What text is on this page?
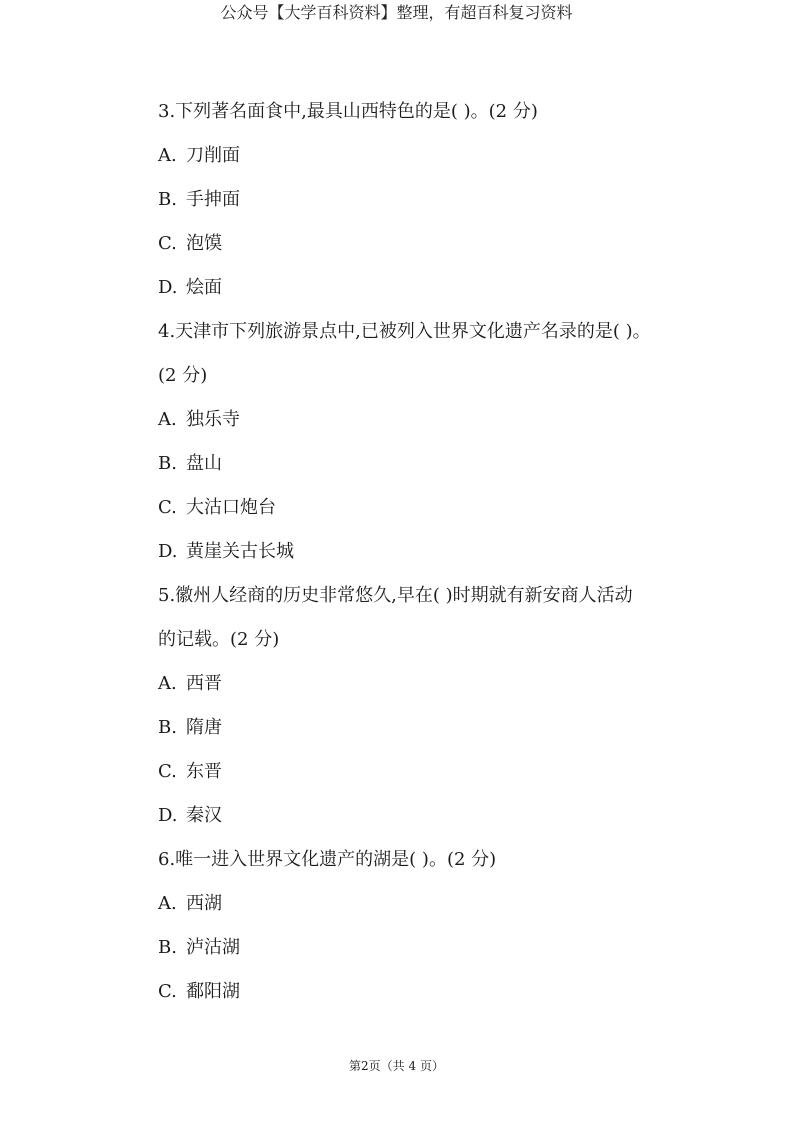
公众号【大学百科资料】整理，有超百科复习资料
3.下列著名面食中,最具山西特色的是( )。(2 分)
A. 刀削面
B. 手抻面
C. 泡馍
D. 烩面
4.天津市下列旅游景点中,已被列入世界文化遗产名录的是( )。
(2 分)
A. 独乐寺
B. 盘山
C. 大沽口炮台
D. 黄崖关古长城
5.徽州人经商的历史非常悠久,早在( )时期就有新安商人活动
的记载。(2 分)
A. 西晋
B. 隋唐
C. 东晋
D. 秦汉
6.唯一进入世界文化遗产的湖是( )。(2 分)
A. 西湖
B. 泸沽湖
C. 鄱阳湖
第2页（共 4 页）
